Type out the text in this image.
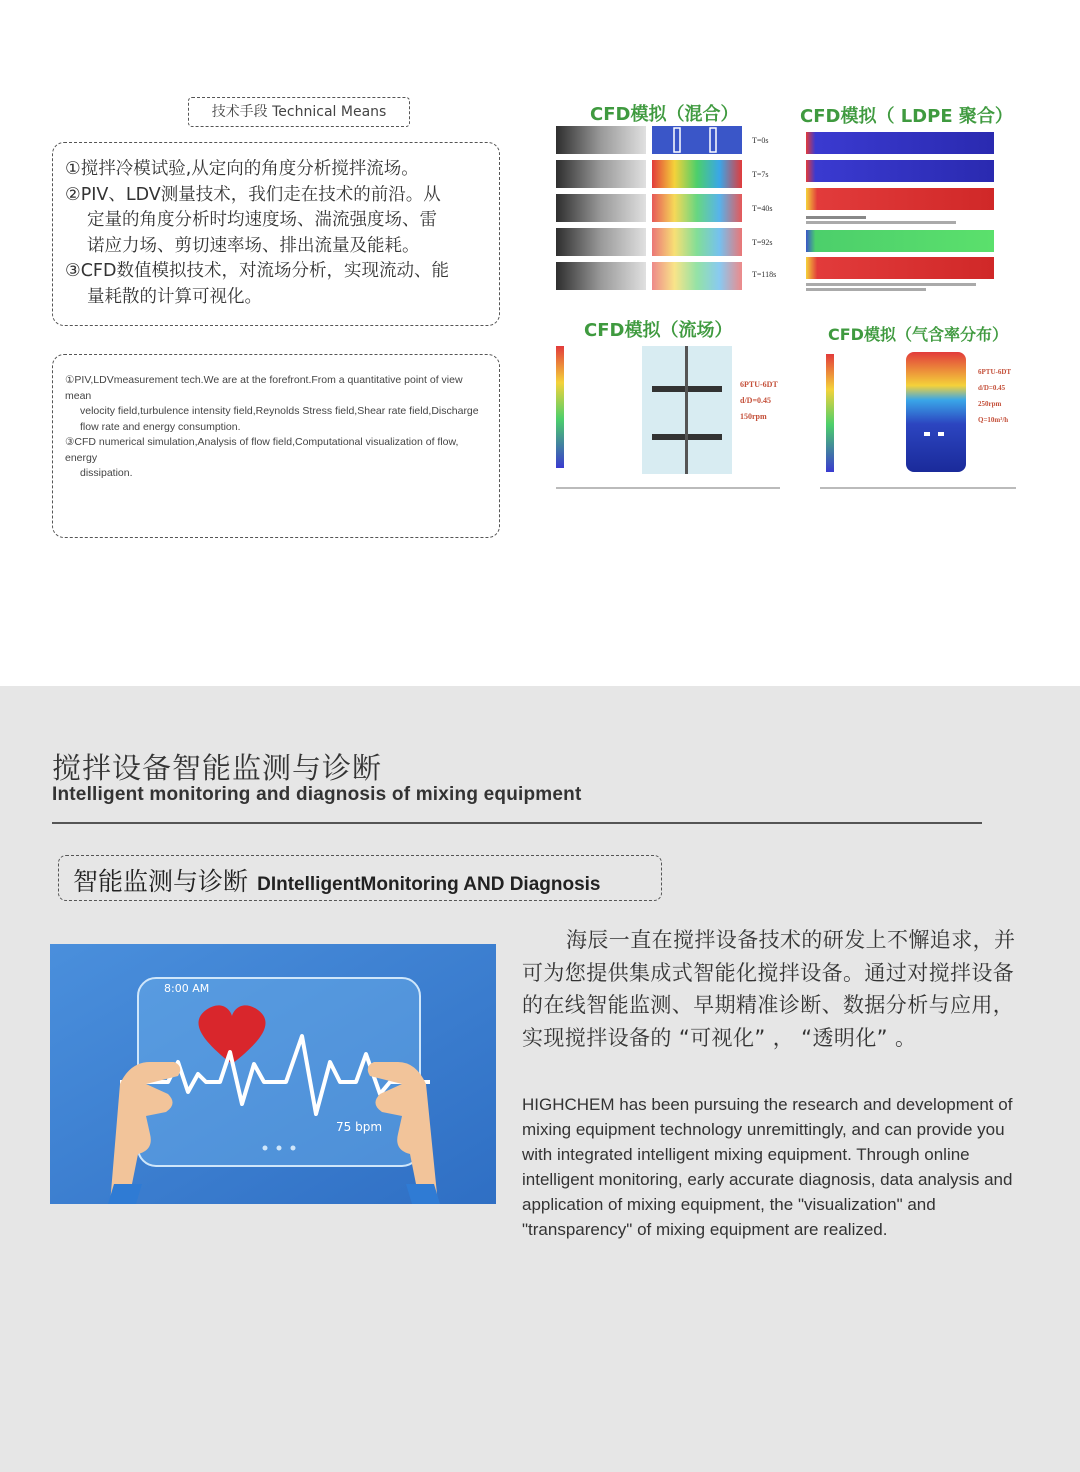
技术手段 Technical Means

①搅拌冷模试验,从定向的角度分析搅拌流场。

②PIV、LDV测量技术，我们走在技术的前沿。从

定量的角度分析时均速度场、湍流强度场、雷

诺应力场、剪切速率场、排出流量及能耗。

③CFD数值模拟技术，对流场分析，实现流动、能

量耗散的计算可视化。

①PIV,LDVmeasurement tech.We are at the forefront.From a quantitative point of view mean

velocity field,turbulence intensity field,Reynolds Stress field,Shear rate field,Discharge

flow rate and energy consumption.

③CFD numerical simulation,Analysis of flow field,Computational visualization of flow, energy

dissipation.

CFD模拟（混合）
T=0s
T=7s
T=40s
T=92s
T=118s
CFD模拟（ LDPE 聚合）
CFD模拟（流场）
6PTU-6DT
d/D=0.45
150rpm
CFD模拟（气含率分布）
6PTU-6DT
d/D=0.45
250rpm
Q=10m³/h
搅拌设备智能监测与诊断
Intelligent monitoring and diagnosis of mixing equipment
智能监测与诊断 DIntelligentMonitoring AND Diagnosis
8:00 AM
75 bpm

海辰一直在搅拌设备技术的研发上不懈追求，并可为您提供集成式智能化搅拌设备。通过对搅拌设备的在线智能监测、早期精准诊断、数据分析与应用，实现搅拌设备的 “可视化” ， “透明化” 。

HIGHCHEM has been pursuing the research and development of mixing equipment technology unremittingly, and can provide you with integrated intelligent mixing equipment. Through online intelligent monitoring, early accurate diagnosis, data analysis and application of mixing equipment, the "visualization" and "transparency" of mixing equipment are realized.
